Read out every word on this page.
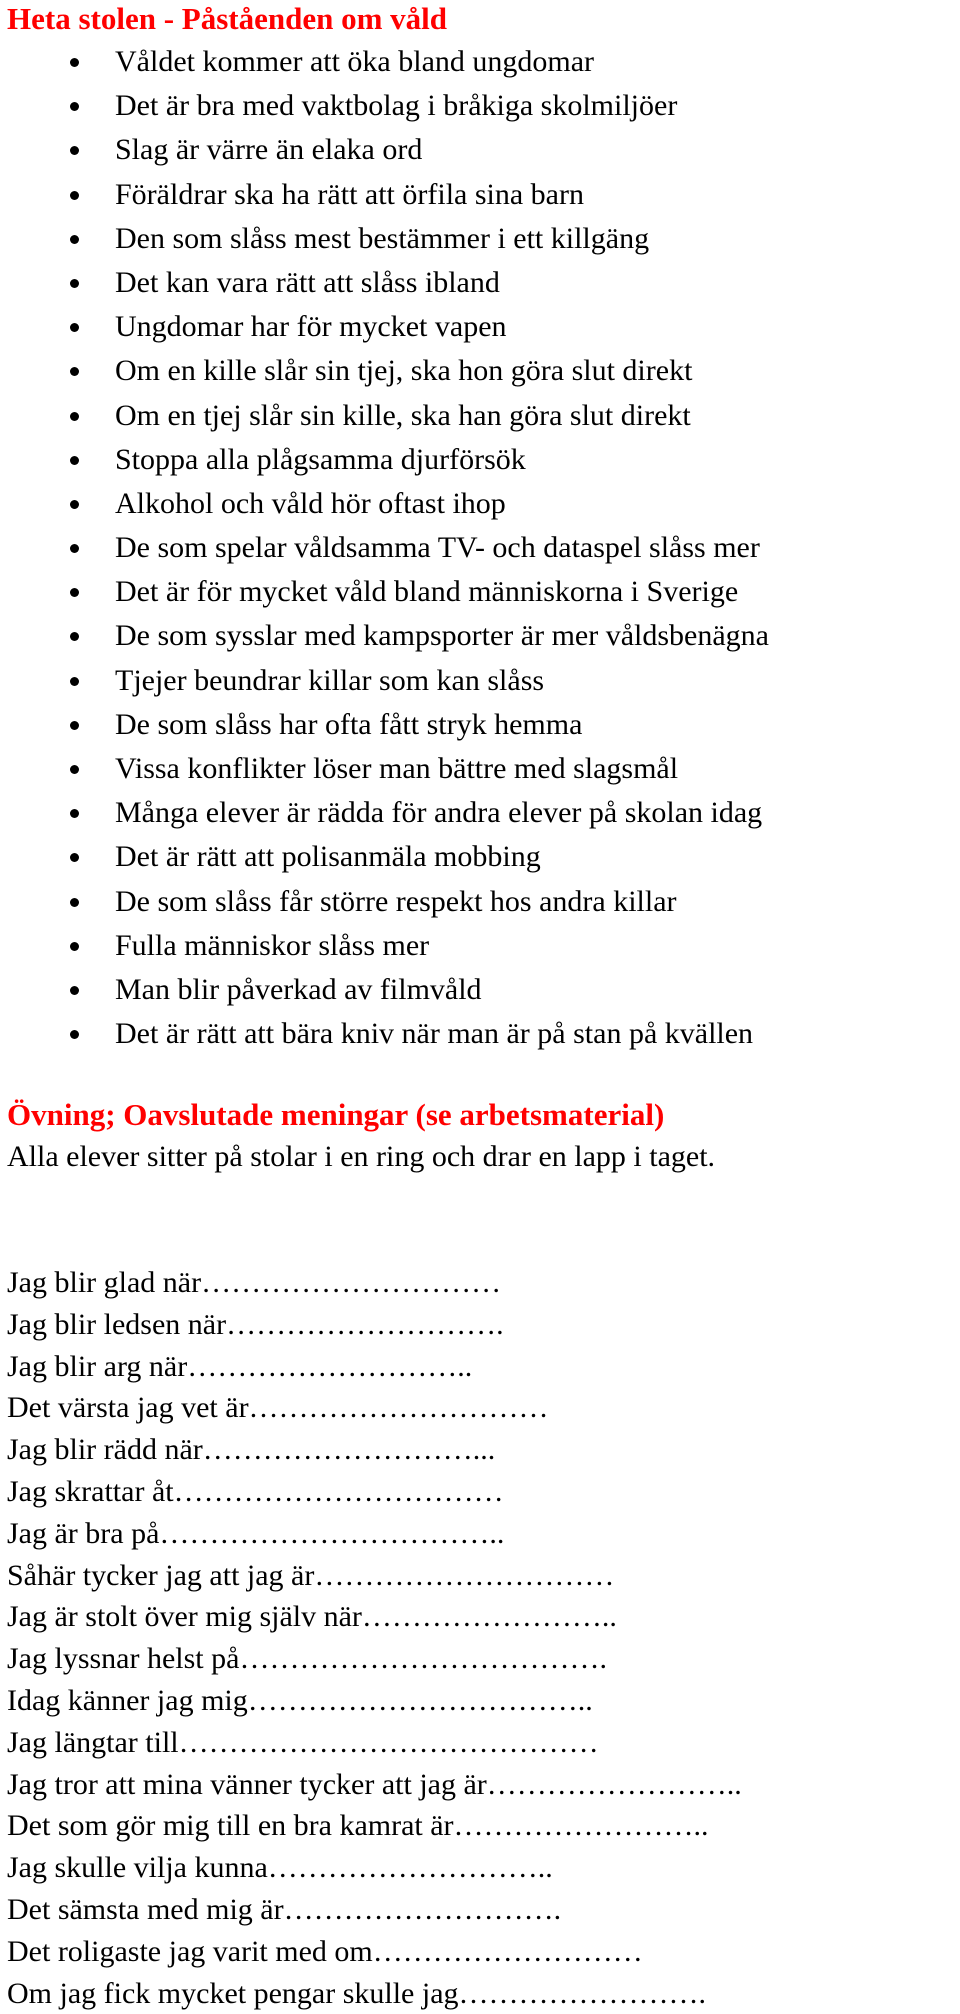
Heta stolen - Påståenden om våld
Våldet kommer att öka bland ungdomar
Det är bra med vaktbolag i bråkiga skolmiljöer
Slag är värre än elaka ord
Föräldrar ska ha rätt att örfila sina barn
Den som slåss mest bestämmer i ett killgäng
Det kan vara rätt att slåss ibland
Ungdomar har för mycket vapen
Om en kille slår sin tjej, ska hon göra slut direkt
Om en tjej slår sin kille, ska han göra slut direkt
Stoppa alla plågsamma djurförsök
Alkohol och våld hör oftast ihop
De som spelar våldsamma TV- och dataspel slåss mer
Det är för mycket våld bland människorna i Sverige
De som sysslar med kampsporter är mer våldsbenägna
Tjejer beundrar killar som kan slåss
De som slåss har ofta fått stryk hemma
Vissa konflikter löser man bättre med slagsmål
Många elever är rädda för andra elever på skolan idag
Det är rätt att polisanmäla mobbing
De som slåss får större respekt hos andra killar
Fulla människor slåss mer
Man blir påverkad av filmvåld
Det är rätt att bära kniv när man är på stan på kvällen
Övning; Oavslutade meningar (se arbetsmaterial)

Alla elever sitter på stolar i en ring och drar en lapp i taget.

Jag blir glad när…………………………
Jag blir ledsen när……………………….
Jag blir arg när………………………..
Det värsta jag vet är…………………………
Jag blir rädd när………………………...
Jag skrattar åt……………………………
Jag är bra på……………………………..
Såhär tycker jag att jag är…………………………
Jag är stolt över mig själv när……………………..
Jag lyssnar helst på……………………………….
Idag känner jag mig……………………………..
Jag längtar till……………………………………
Jag tror att mina vänner tycker att jag är……………………..
Det som gör mig till en bra kamrat är……………………..
Jag skulle vilja kunna………………………..
Det sämsta med mig är……………………….
Det roligaste jag varit med om………………………
Om jag fick mycket pengar skulle jag…………………….
